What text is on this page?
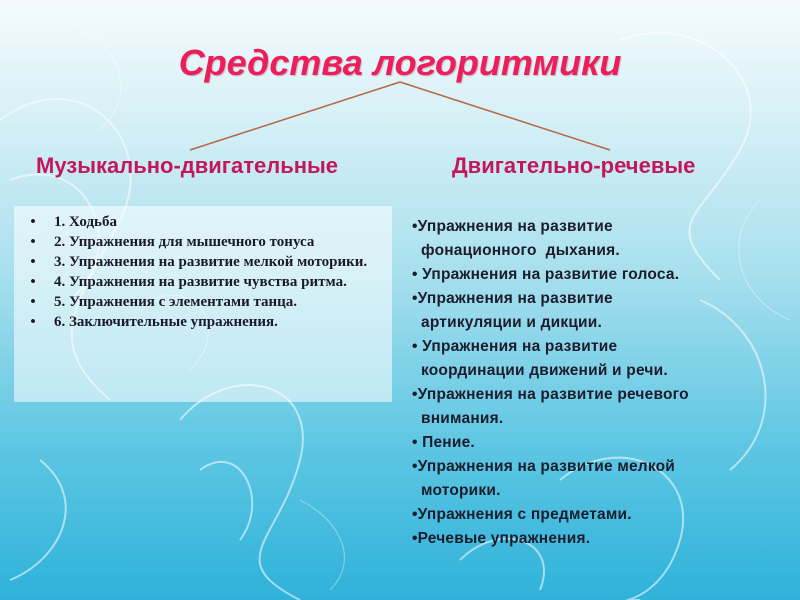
Средства логоритмики
Музыкально-двигательные	Двигательно-речевые
• 1. Ходьба
• 2. Упражнения для мышечного тонуса
• 3. Упражнения на развитие мелкой моторики.
• 4. Упражнения на развитие чувства ритма.
• 5. Упражнения с элементами танца.
• 6. Заключительные упражнения.
•Упражнения на развитие
фонационного  дыхания.
• Упражнения на развитие голоса.
•Упражнения на развитие
артикуляции и дикции.
• Упражнения на развитие
координации движений и речи.
•Упражнения на развитие речевого
внимания.
• Пение.
•Упражнения на развитие мелкой
моторики.
•Упражнения с предметами.
•Речевые упражнения.
